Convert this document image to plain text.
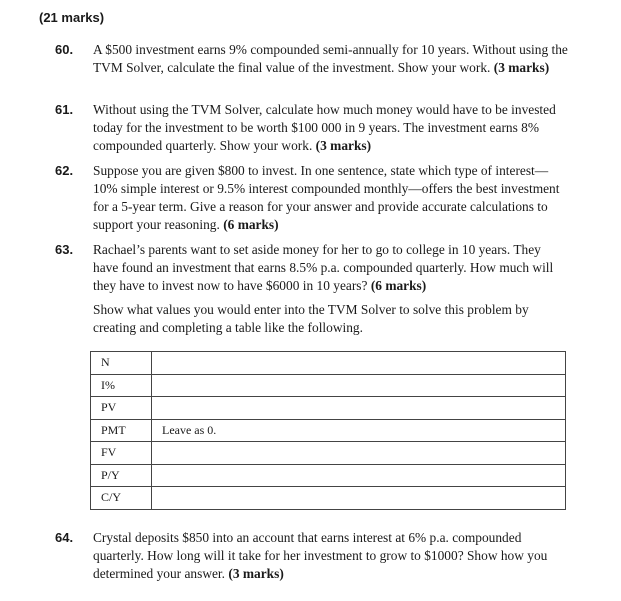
(21 marks)
60. A $500 investment earns 9% compounded semi-annually for 10 years. Without using the TVM Solver, calculate the final value of the investment. Show your work. (3 marks)
61. Without using the TVM Solver, calculate how much money would have to be invested today for the investment to be worth $100 000 in 9 years. The investment earns 8% compounded quarterly. Show your work. (3 marks)
62. Suppose you are given $800 to invest. In one sentence, state which type of interest—10% simple interest or 9.5% interest compounded monthly—offers the best investment for a 5-year term. Give a reason for your answer and provide accurate calculations to support your reasoning. (6 marks)
63. Rachael’s parents want to set aside money for her to go to college in 10 years. They have found an investment that earns 8.5% p.a. compounded quarterly. How much will they have to invest now to have $6000 in 10 years? (6 marks)
Show what values you would enter into the TVM Solver to solve this problem by creating and completing a table like the following.
N	
I%	
PV	
PMT	Leave as 0.
FV	
P/Y	
C/Y	
64. Crystal deposits $850 into an account that earns interest at 6% p.a. compounded quarterly. How long will it take for her investment to grow to $1000? Show how you determined your answer. (3 marks)
